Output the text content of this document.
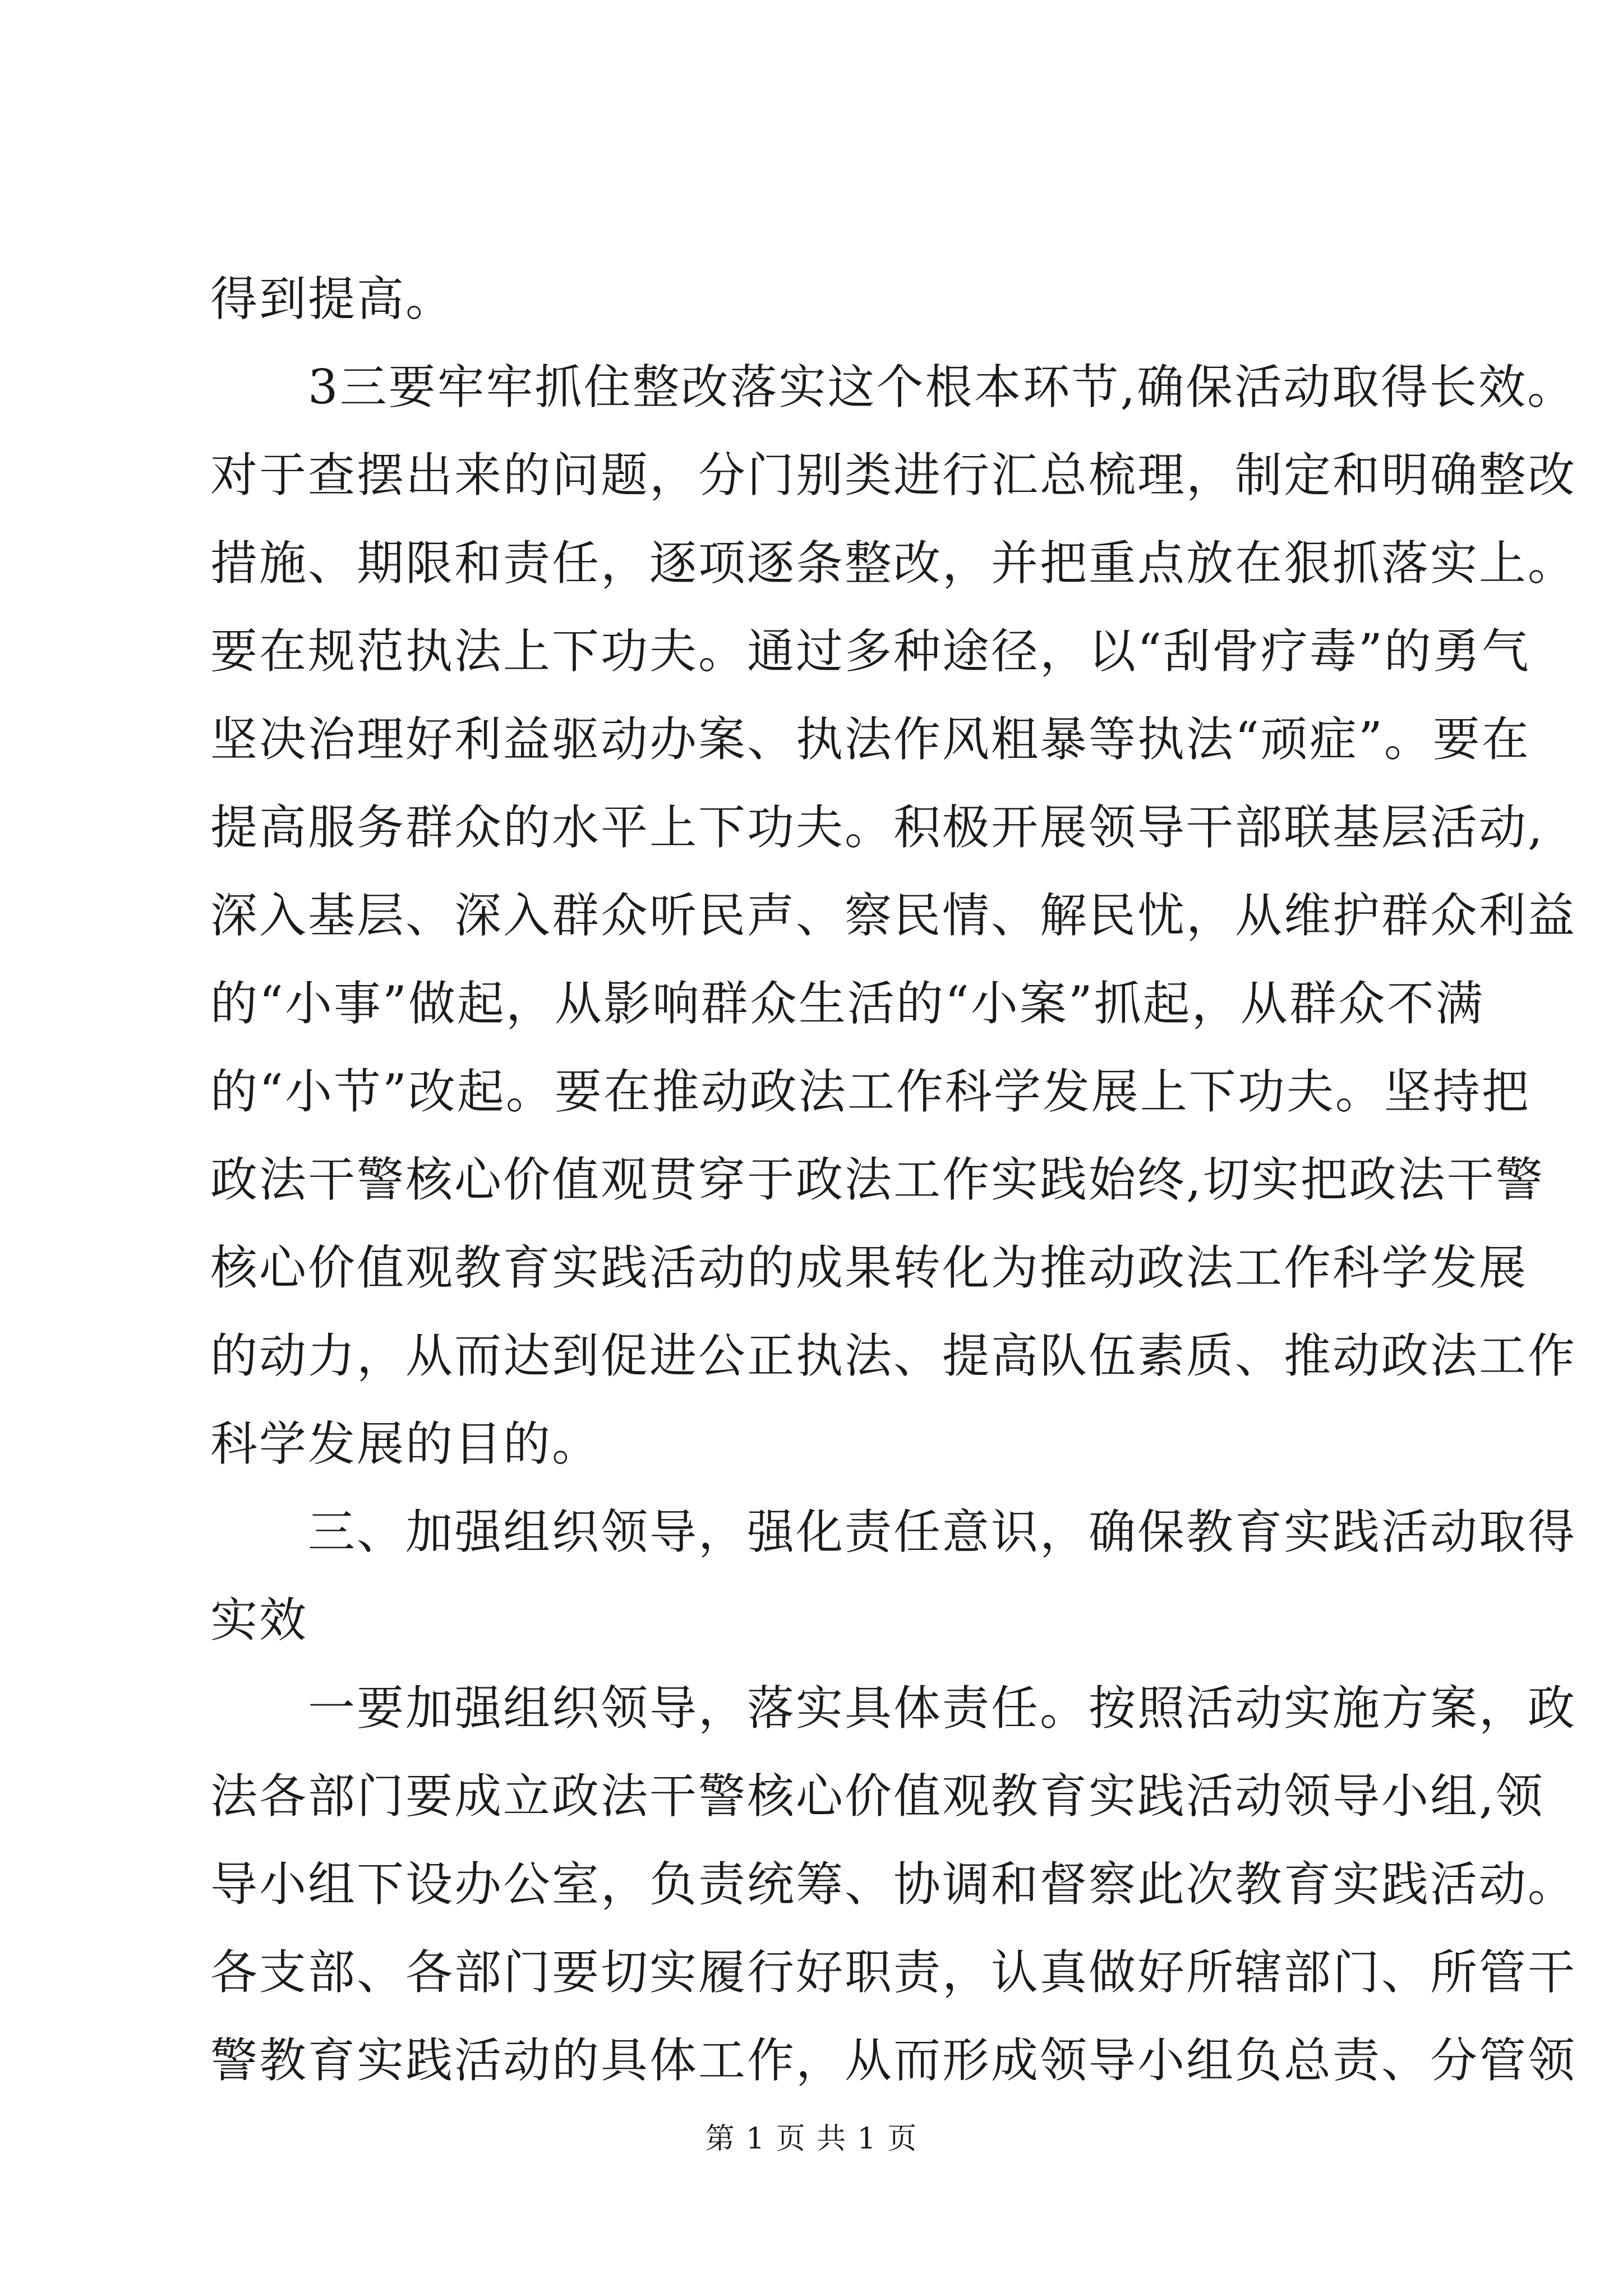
得到提高。
　　3三要牢牢抓住整改落实这个根本环节,确保活动取得长效。
对于查摆出来的问题，分门别类进行汇总梳理，制定和明确整改
措施、期限和责任，逐项逐条整改，并把重点放在狠抓落实上。
要在规范执法上下功夫。通过多种途径，以“刮骨疗毒”的勇气
坚决治理好利益驱动办案、执法作风粗暴等执法“顽症”。要在
提高服务群众的水平上下功夫。积极开展领导干部联基层活动,
深入基层、深入群众听民声、察民情、解民忧，从维护群众利益
的“小事”做起，从影响群众生活的“小案”抓起，从群众不满
的“小节”改起。要在推动政法工作科学发展上下功夫。坚持把
政法干警核心价值观贯穿于政法工作实践始终,切实把政法干警
核心价值观教育实践活动的成果转化为推动政法工作科学发展
的动力，从而达到促进公正执法、提高队伍素质、推动政法工作
科学发展的目的。
　　三、加强组织领导，强化责任意识，确保教育实践活动取得
实效
　　一要加强组织领导，落实具体责任。按照活动实施方案，政
法各部门要成立政法干警核心价值观教育实践活动领导小组,领
导小组下设办公室，负责统筹、协调和督察此次教育实践活动。
各支部、各部门要切实履行好职责，认真做好所辖部门、所管干
警教育实践活动的具体工作，从而形成领导小组负总责、分管领
第 1 页 共 1 页
